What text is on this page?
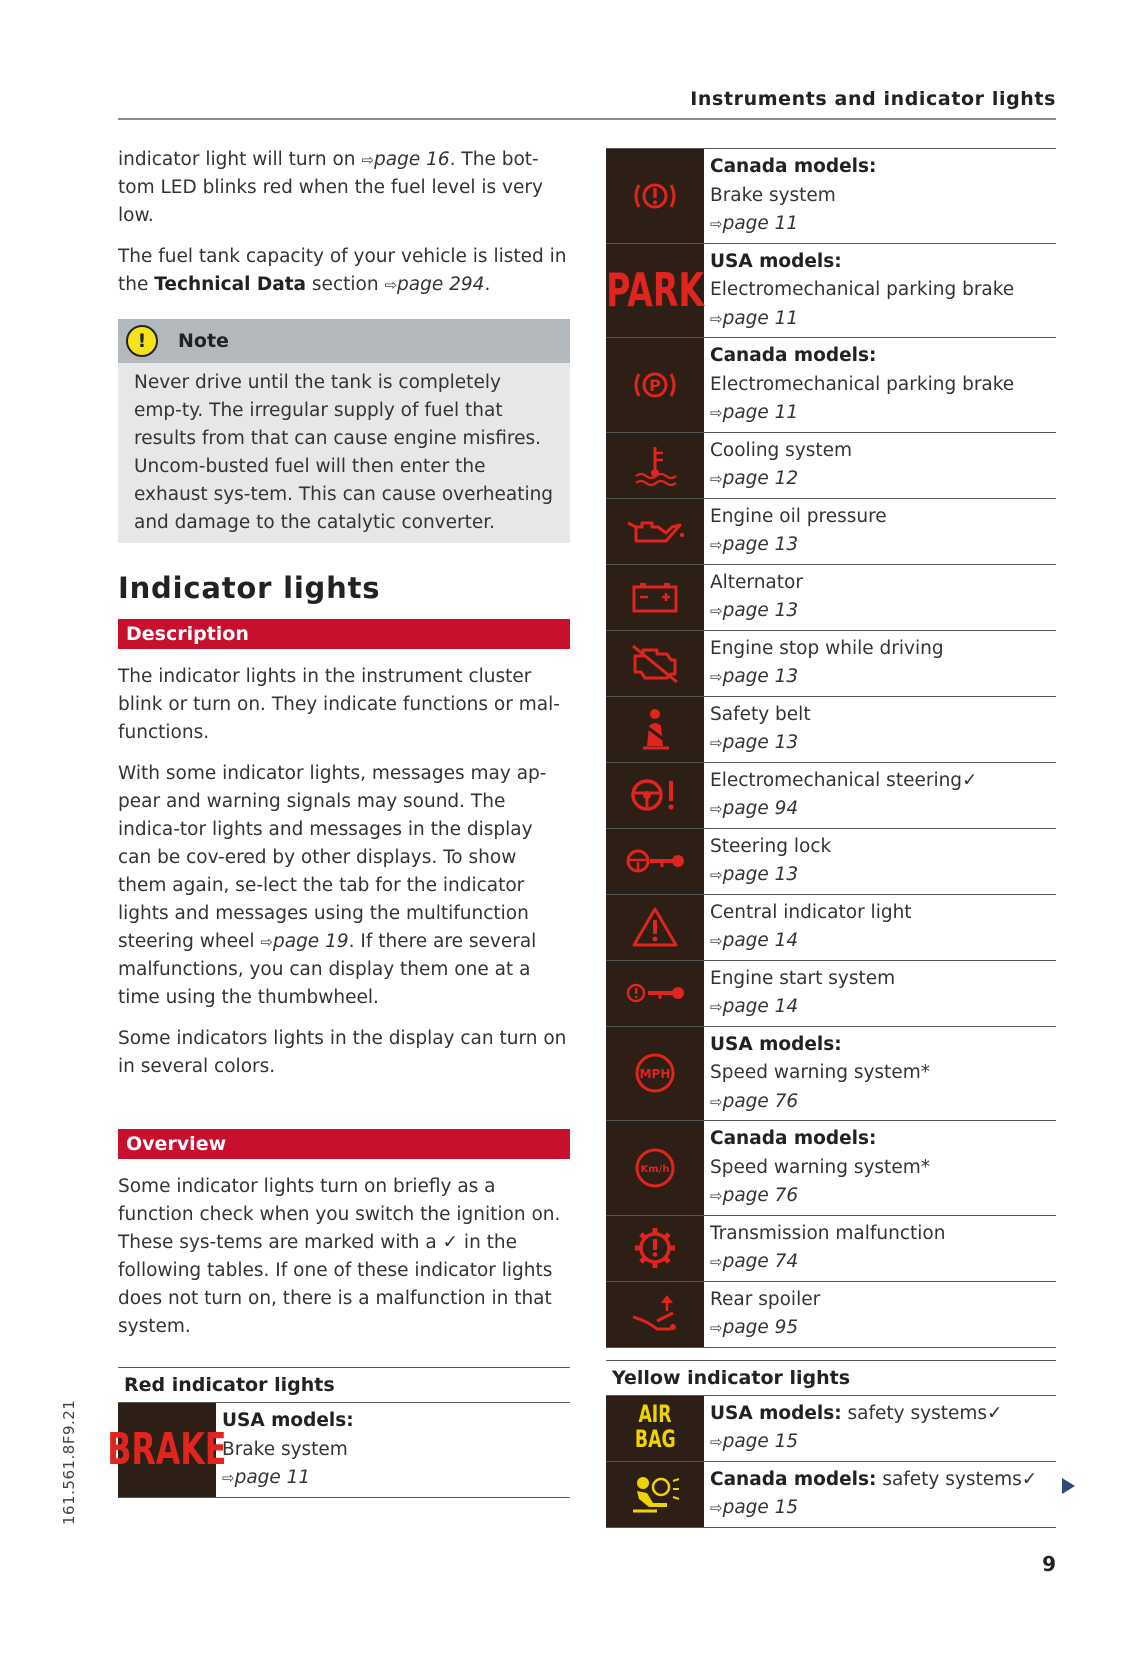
Instruments and indicator lights
indicator light will turn on ⇨page 16. The bot-tom LED blinks red when the fuel level is very low.
The fuel tank capacity of your vehicle is listed in the Technical Data section ⇨page 294.
!	Note
Never drive until the tank is completely emp-ty. The irregular supply of fuel that results from that can cause engine misfires. Uncom-busted fuel will then enter the exhaust sys-tem. This can cause overheating and damage to the catalytic converter.
Indicator lights
Description
The indicator lights in the instrument cluster blink or turn on. They indicate functions or mal-functions.
With some indicator lights, messages may ap-pear and warning signals may sound. The indica-tor lights and messages in the display can be cov-ered by other displays. To show them again, se-lect the tab for the indicator lights and messages using the multifunction steering wheel ⇨page 19. If there are several malfunctions, you can display them one at a time using the thumbwheel.
Some indicators lights in the display can turn on in several colors.
Overview
Some indicator lights turn on briefly as a function check when you switch the ignition on. These sys-tems are marked with a ✓ in the following tables. If one of these indicator lights does not turn on, there is a malfunction in that system.
Red indicator lights
BRAKE
USA models:
Brake system
⇨page 11
Canada models:
Brake system
⇨page 11
PARK
USA models:
Electromechanical parking brake
⇨page 11
P
Canada models:
Electromechanical parking brake
⇨page 11
Cooling system
⇨page 12
Engine oil pressure
⇨page 13
Alternator
⇨page 13
Engine stop while driving
⇨page 13
Safety belt
⇨page 13
Electromechanical steering✓
⇨page 94
Steering lock
⇨page 13
Central indicator light
⇨page 14
Engine start system
⇨page 14
MPH
USA models:
Speed warning system*
⇨page 76
Km/h
Canada models:
Speed warning system*
⇨page 76
Transmission malfunction
⇨page 74
Rear spoiler
⇨page 95
Yellow indicator lights
AIR
BAG
USA models: safety systems✓
⇨page 15
Canada models: safety systems✓
⇨page 15
161.561.8F9.21
9
